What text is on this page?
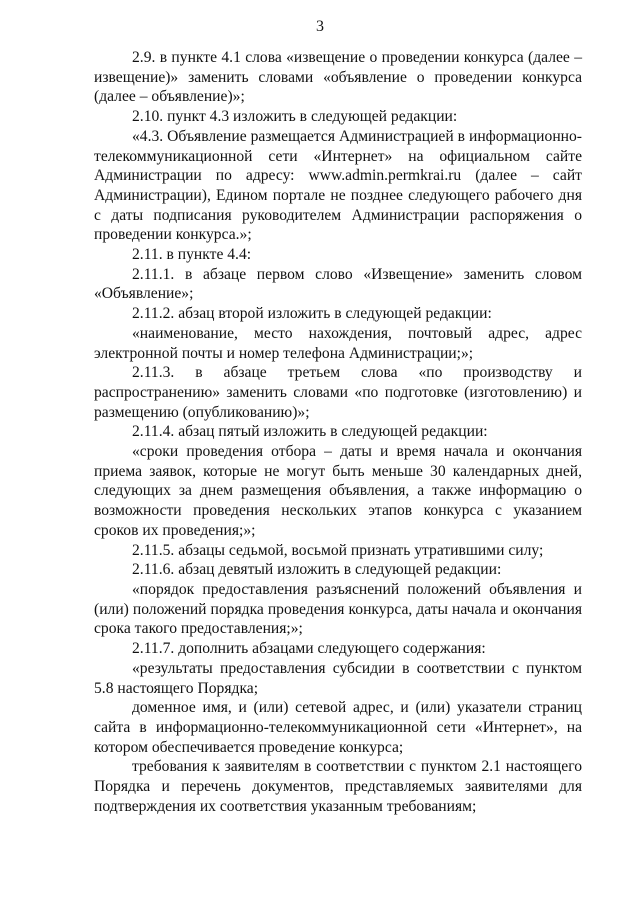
3

2.9. в пункте 4.1 слова «извещение о проведении конкурса (далее – извещение)» заменить словами «объявление о проведении конкурса (далее – объявление)»;

2.10. пункт 4.3 изложить в следующей редакции:

«4.3. Объявление размещается Администрацией в информационно-телекоммуникационной сети «Интернет» на официальном сайте Администрации по адресу: www.admin.permkrai.ru (далее – сайт Администрации), Едином портале не позднее следующего рабочего дня с даты подписания руководителем Администрации распоряжения о проведении конкурса.»;

2.11. в пункте 4.4:

2.11.1. в абзаце первом слово «Извещение» заменить словом «Объявление»;

2.11.2. абзац второй изложить в следующей редакции:

«наименование, место нахождения, почтовый адрес, адрес электронной почты и номер телефона Администрации;»;

2.11.3. в абзаце третьем слова «по производству и распространению» заменить словами «по подготовке (изготовлению) и размещению (опубликованию)»;

2.11.4. абзац пятый изложить в следующей редакции:

«сроки проведения отбора – даты и время начала и окончания приема заявок, которые не могут быть меньше 30 календарных дней, следующих за днем размещения объявления, а также информацию о возможности проведения нескольких этапов конкурса с указанием сроков их проведения;»;

2.11.5. абзацы седьмой, восьмой признать утратившими силу;

2.11.6. абзац девятый изложить в следующей редакции:

«порядок предоставления разъяснений положений объявления и (или) положений порядка проведения конкурса, даты начала и окончания срока такого предоставления;»;

2.11.7. дополнить абзацами следующего содержания:

«результаты предоставления субсидии в соответствии с пунктом 5.8 настоящего Порядка;

доменное имя, и (или) сетевой адрес, и (или) указатели страниц сайта в информационно-телекоммуникационной сети «Интернет», на котором обеспечивается проведение конкурса;

требования к заявителям в соответствии с пунктом 2.1 настоящего Порядка и перечень документов, представляемых заявителями для подтверждения их соответствия указанным требованиям;
